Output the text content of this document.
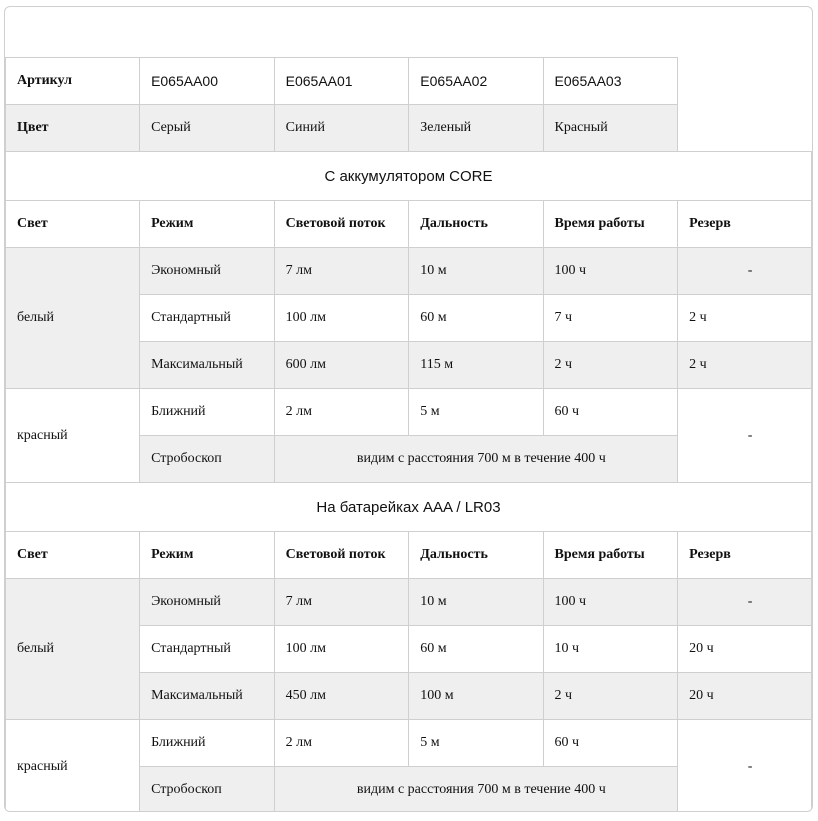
Артикул	E065AA00	E065AA01	E065AA02	E065AA03	
Цвет	Серый	Синий	Зеленый	Красный	
С аккумулятором CORE					
Свет	Режим	Световой поток	Дальность	Время работы	Резерв
белый	Экономный	7 лм	10 м	100 ч	-
	Стандартный	100 лм	60 м	7 ч	2 ч
	Максимальный	600 лм	115 м	2 ч	2 ч
красный	Ближний	2 лм	5 м	60 ч	-
	Стробоскоп	видим с расстояния 700 м в течение 400 ч			
На батарейках AAA / LR03					
Свет	Режим	Световой поток	Дальность	Время работы	Резерв
белый	Экономный	7 лм	10 м	100 ч	-
	Стандартный	100 лм	60 м	10 ч	20 ч
	Максимальный	450 лм	100 м	2 ч	20 ч
красный	Ближний	2 лм	5 м	60 ч	-
	Стробоскоп	видим с расстояния 700 м в течение 400 ч			
